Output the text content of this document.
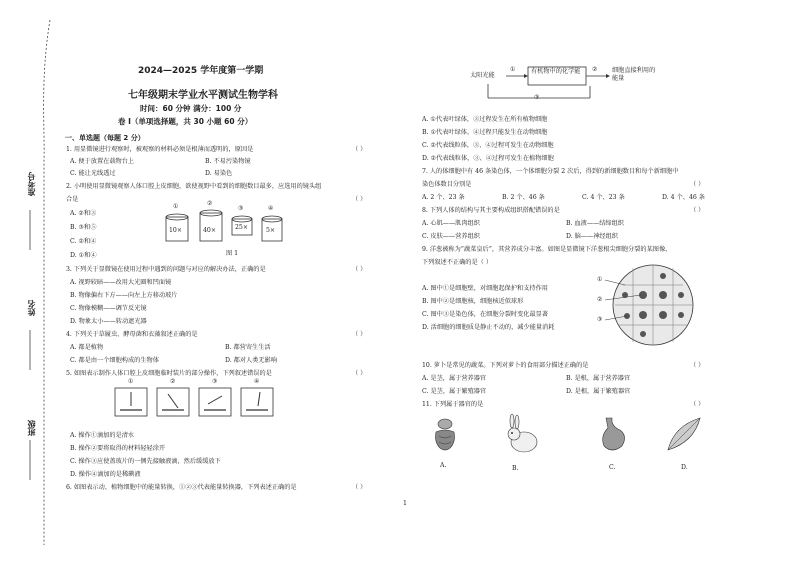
准考号
姓名
班级
2024—2025 学年度第一学期
七年级期末学业水平测试生物学科
时间：60 分钟 满分：100 分
卷 I（单项选择题，共 30 小题 60 分）
一、单选题（每题 2 分）
1. 用显微镜进行观察时，被观察的材料必须是根薄而透明的，原因是	（ ）
A. 便于放置在载物台上	B. 不易污染物镜
C. 能让光线透过	D. 易染色
2. 小明使用显微镜观察人体口腔上皮细胞，欲使视野中看到的细胞数目最多，应选用的镜头组
合是	（ ）
A. ②和③
B. ③和⑤
C. ②和④
D. ①和④
①	②
③	④
10×	40×	25×	5×
图 1
3. 下列关于显微镜在使用过程中遇到的问题与对应的解决办法，正确的是	（ ）
A. 视野较暗——改用大光圈和凹面镜
B. 物像偏右下方——向左上方移动玻片
C. 物像模糊——调节反光镜
D. 物象太小——转动遮光器
4. 下列关于草履虫、酵母菌和衣藻叙述正确的是	（ ）
A. 都是植物	B. 都营寄生生活
C. 都是由一个细胞构成的生物体	D. 都对人类无影响
5. 如图表示制作人体口腔上皮细胞临时装片的部分操作，下列叙述错误的是	（ ）
①	②	③	④
A. 操作①滴加的是清水
B. 操作②要将取得的材料轻轻涂开
C. 操作③应使盖玻片的一侧先接触液滴，然后缓缓放下
D. 操作④滴加的是稀碘液
6. 如图表示动、植物细胞中的能量转换，①②③代表能量转换器，下列表述正确的是	（ ）
太阳光能
有机物中的化学能	细胞直接利用的能量
①	②
③
A. ①代表叶绿体，③过程发生在所有植物细胞
B. ①代表叶绿体，④过程只能发生在动物细胞
C. ②代表线粒体，③、④过程可发生在动物细胞
D. ②代表线粒体，③、④过程可发生在植物细胞
7. 人的体细胞中有 46 条染色体，一个体细胞分裂 2 次后，得到的新细胞数目和每个新细胞中
染色体数目分别是	（ ）
A. 2 个、23 条	B. 2 个、46 条	C. 4 个、23 条	D. 4 个、46 条
8. 下列人体的结构与其主要构成组织搭配错误的是	（ ）
A. 心肌——肌肉组织	B. 血液——结缔组织
C. 皮肤——营养组织	D. 脑——神经组织
9. 洋葱被称为“蔬菜皇后”，其营养成分丰富。如图是显微镜下洋葱根尖细胞分裂的某图像，
下列叙述不正确的是（ ）
A. 图中①是细胞壁，对细胞起保护和支持作用
B. 图中②是细胞核，细胞核近似球形
C. 图中③是染色体，在细胞分裂时变化最显著
D. 活细胞的细胞质是静止不动的，减少能量消耗
①
②
③
10. 萝卜是常见的蔬菜。下列对萝卜的食用部分描述正确的是	（ ）
A. 是茎，属于营养器官	B. 是根，属于营养器官
C. 是茎，属于繁殖器官	D. 是根，属于繁殖器官
11. 下列属于器官的是	（ ）
A.	B.	C.	D.
1
